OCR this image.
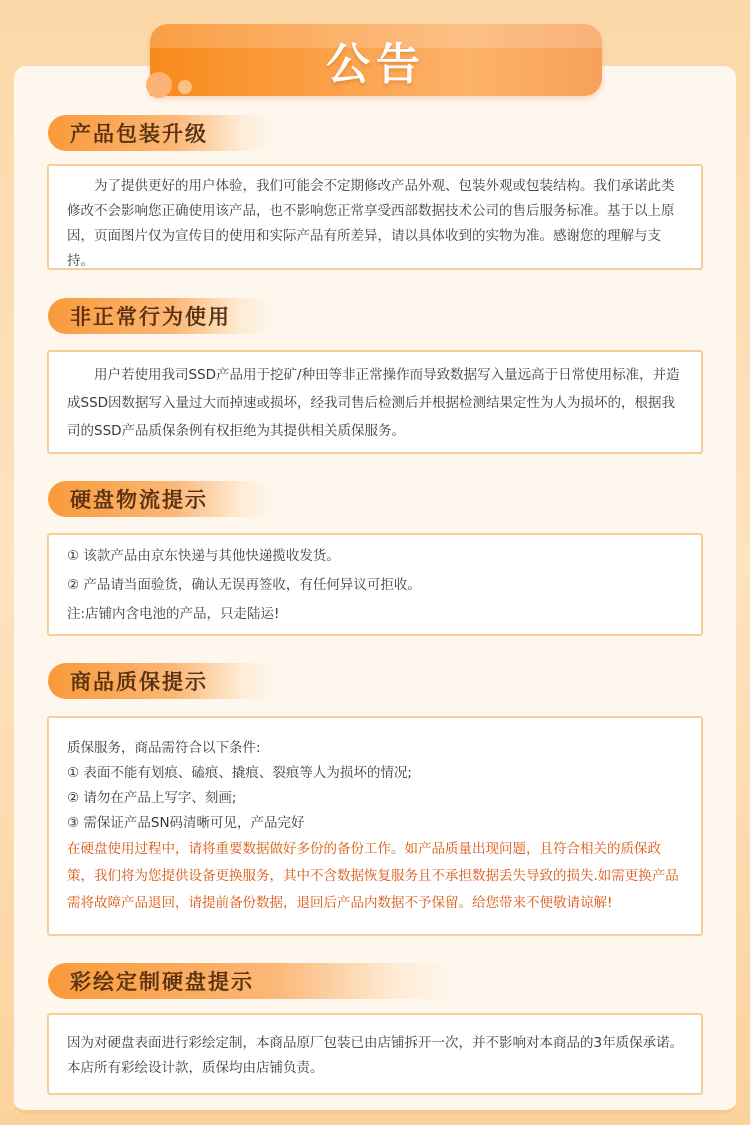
公告
产品包装升级

为了提供更好的用户体验，我们可能会不定期修改产品外观、包装外观或包装结构。我们承诺此类修改不会影响您正确使用该产品，也不影响您正常享受西部数据技术公司的售后服务标准。基于以上原因，页面图片仅为宣传目的使用和实际产品有所差异，请以具体收到的实物为准。感谢您的理解与支持。

非正常行为使用

用户若使用我司SSD产品用于挖矿/种田等非正常操作而导致数据写入量远高于日常使用标准，并造成SSD因数据写入量过大而掉速或损坏，经我司售后检测后并根据检测结果定性为人为损坏的，根据我司的SSD产品质保条例有权拒绝为其提供相关质保服务。

硬盘物流提示

① 该款产品由京东快递与其他快递揽收发货。

② 产品请当面验货，确认无误再签收，有任何异议可拒收。

注:店铺内含电池的产品，只走陆运!

商品质保提示

质保服务，商品需符合以下条件:

① 表面不能有划痕、磕痕、撬痕、裂痕等人为损坏的情况;

② 请勿在产品上写字、刻画;

③ 需保证产品SN码清晰可见，产品完好

在硬盘使用过程中，请将重要数据做好多份的备份工作。如产品质量出现问题，且符合相关的质保政策，我们将为您提供设备更换服务，其中不含数据恢复服务且不承担数据丢失导致的损失.如需更换产品需将故障产品退回，请提前备份数据，退回后产品内数据不予保留。给您带来不便敬请谅解!

彩绘定制硬盘提示

因为对硬盘表面进行彩绘定制，本商品原厂包装已由店铺拆开一次，并不影响对本商品的3年质保承诺。本店所有彩绘设计款，质保均由店铺负责。
